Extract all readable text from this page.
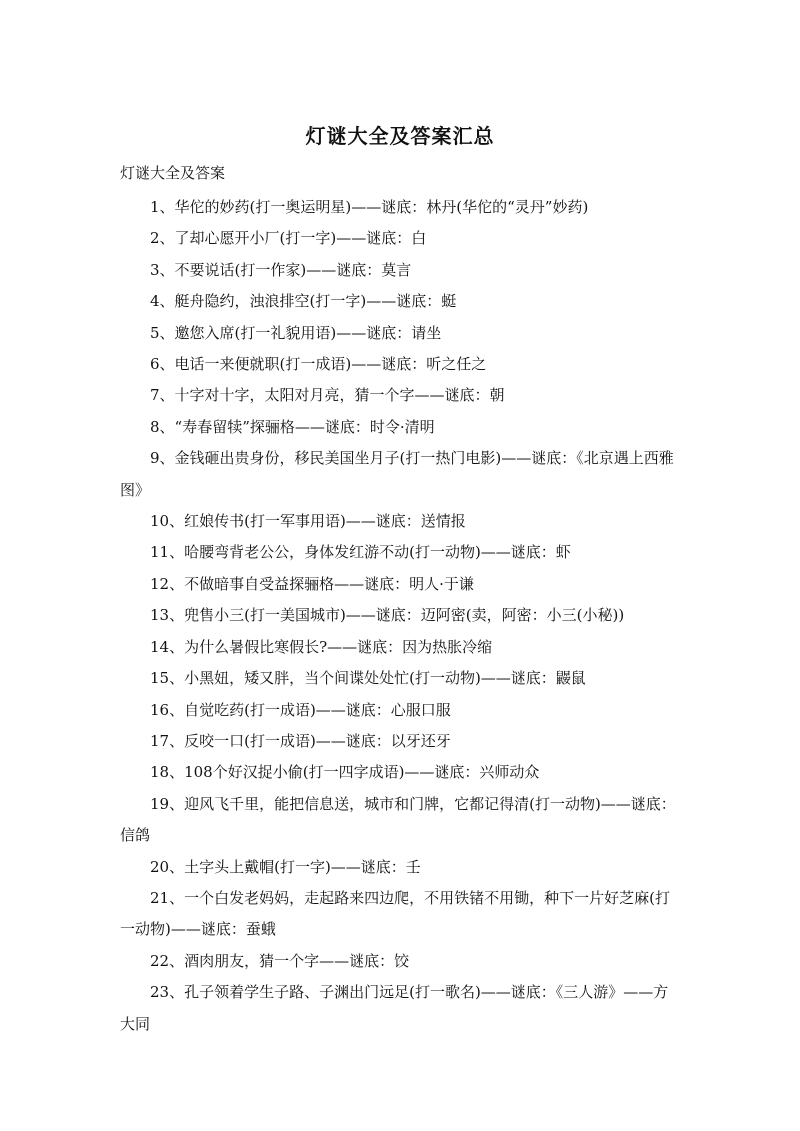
灯谜大全及答案汇总
灯谜大全及答案

1、华佗的妙药(打一奥运明星)——谜底：林丹(华佗的“灵丹”妙药)

2、了却心愿开小厂(打一字)——谜底：白

3、不要说话(打一作家)——谜底：莫言

4、艇舟隐约，浊浪排空(打一字)——谜底：蜓

5、邀您入席(打一礼貌用语)——谜底：请坐

6、电话一来便就职(打一成语)——谜底：听之任之

7、十字对十字，太阳对月亮，猜一个字——谜底：朝

8、“寿春留犊”探骊格——谜底：时令·清明

9、金钱砸出贵身份，移民美国坐月子(打一热门电影)——谜底：《北京遇上西雅图》

10、红娘传书(打一军事用语)——谜底：送情报

11、哈腰弯背老公公，身体发红游不动(打一动物)——谜底：虾

12、不做暗事自受益探骊格——谜底：明人·于谦

13、兜售小三(打一美国城市)——谜底：迈阿密(卖，阿密：小三(小秘))

14、为什么暑假比寒假长?——谜底：因为热胀冷缩

15、小黑妞，矮又胖，当个间谍处处忙(打一动物)——谜底：鼹鼠

16、自觉吃药(打一成语)——谜底：心服口服

17、反咬一口(打一成语)——谜底：以牙还牙

18、108个好汉捉小偷(打一四字成语)——谜底：兴师动众

19、迎风飞千里，能把信息送，城市和门牌，它都记得清(打一动物)——谜底：信鸽

20、土字头上戴帽(打一字)——谜底：壬

21、一个白发老妈妈，走起路来四边爬，不用铁锗不用锄，种下一片好芝麻(打一动物)——谜底：蚕蛾

22、酒肉朋友，猜一个字——谜底：饺

23、孔子领着学生子路、子渊出门远足(打一歌名)——谜底：《三人游》——方大同
